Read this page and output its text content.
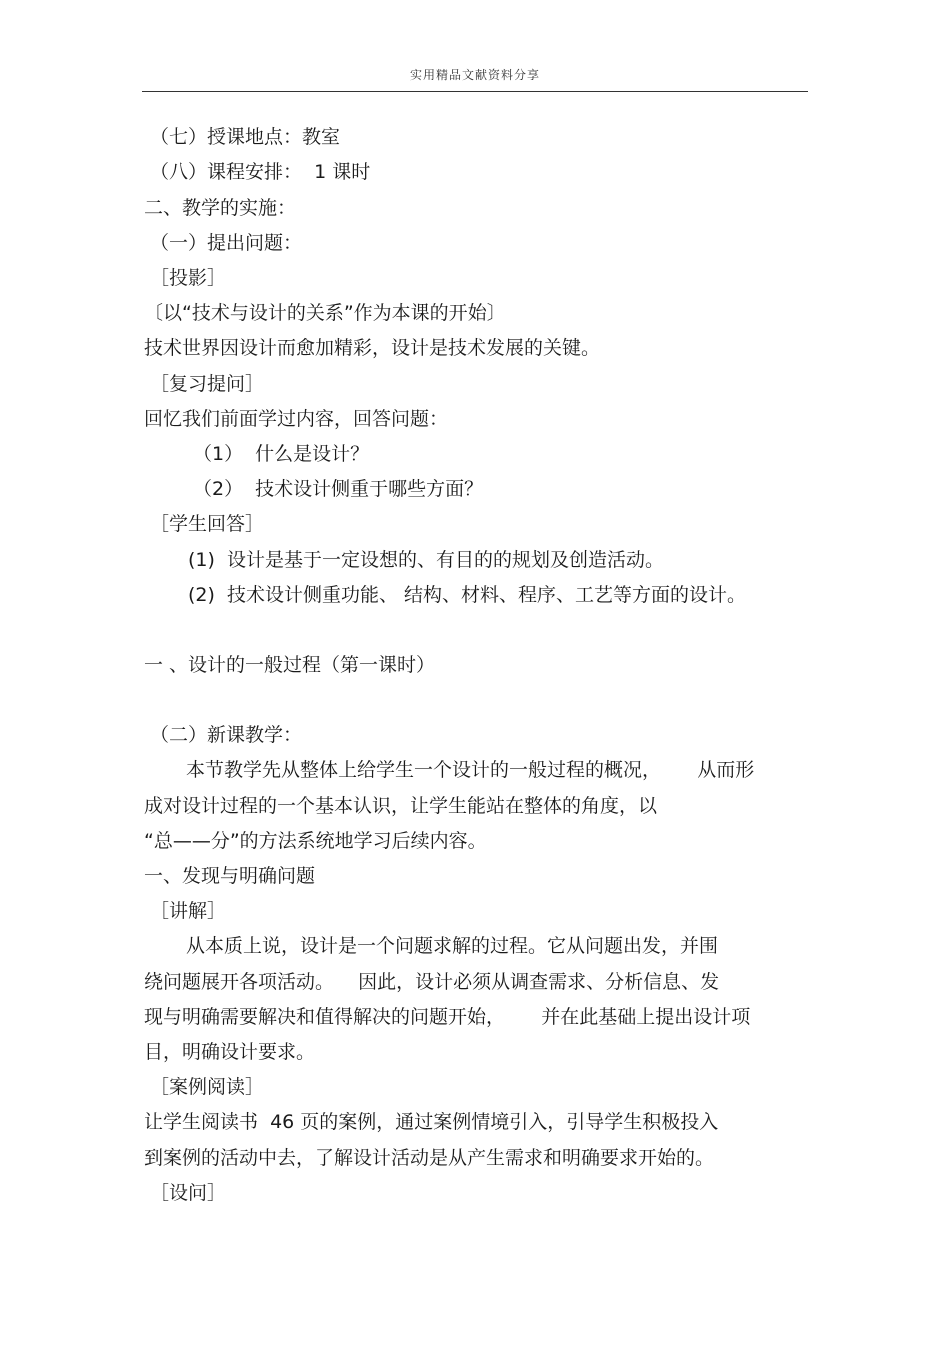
实用精品文献资料分享
（七）授课地点：教室
（八）课程安排：  1 课时
二、教学的实施：
（一）提出问题：
［投影］
〔以“技术与设计的关系”作为本课的开始〕
技术世界因设计而愈加精彩，设计是技术发展的关键。
［复习提问］
回忆我们前面学过内容，回答问题：
（1）  什么是设计？
（2）  技术设计侧重于哪些方面？
［学生回答］
(1)  设计是基于一定设想的、有目的的规划及创造活动。
(2)  技术设计侧重功能、 结构、材料、程序、工艺等方面的设计。
一 、设计的一般过程（第一课时）
（二）新课教学：
本节教学先从整体上给学生一个设计的一般过程的概况，      从而形
成对设计过程的一个基本认识，让学生能站在整体的角度，以
“总——分”的方法系统地学习后续内容。
一、发现与明确问题
［讲解］
从本质上说，设计是一个问题求解的过程。它从问题出发，并围
绕问题展开各项活动。    因此，设计必须从调查需求、分析信息、发
现与明确需要解决和值得解决的问题开始，      并在此基础上提出设计项
目，明确设计要求。
［案例阅读］
让学生阅读书  46 页的案例，通过案例情境引入，引导学生积极投入
到案例的活动中去，了解设计活动是从产生需求和明确要求开始的。
［设问］
